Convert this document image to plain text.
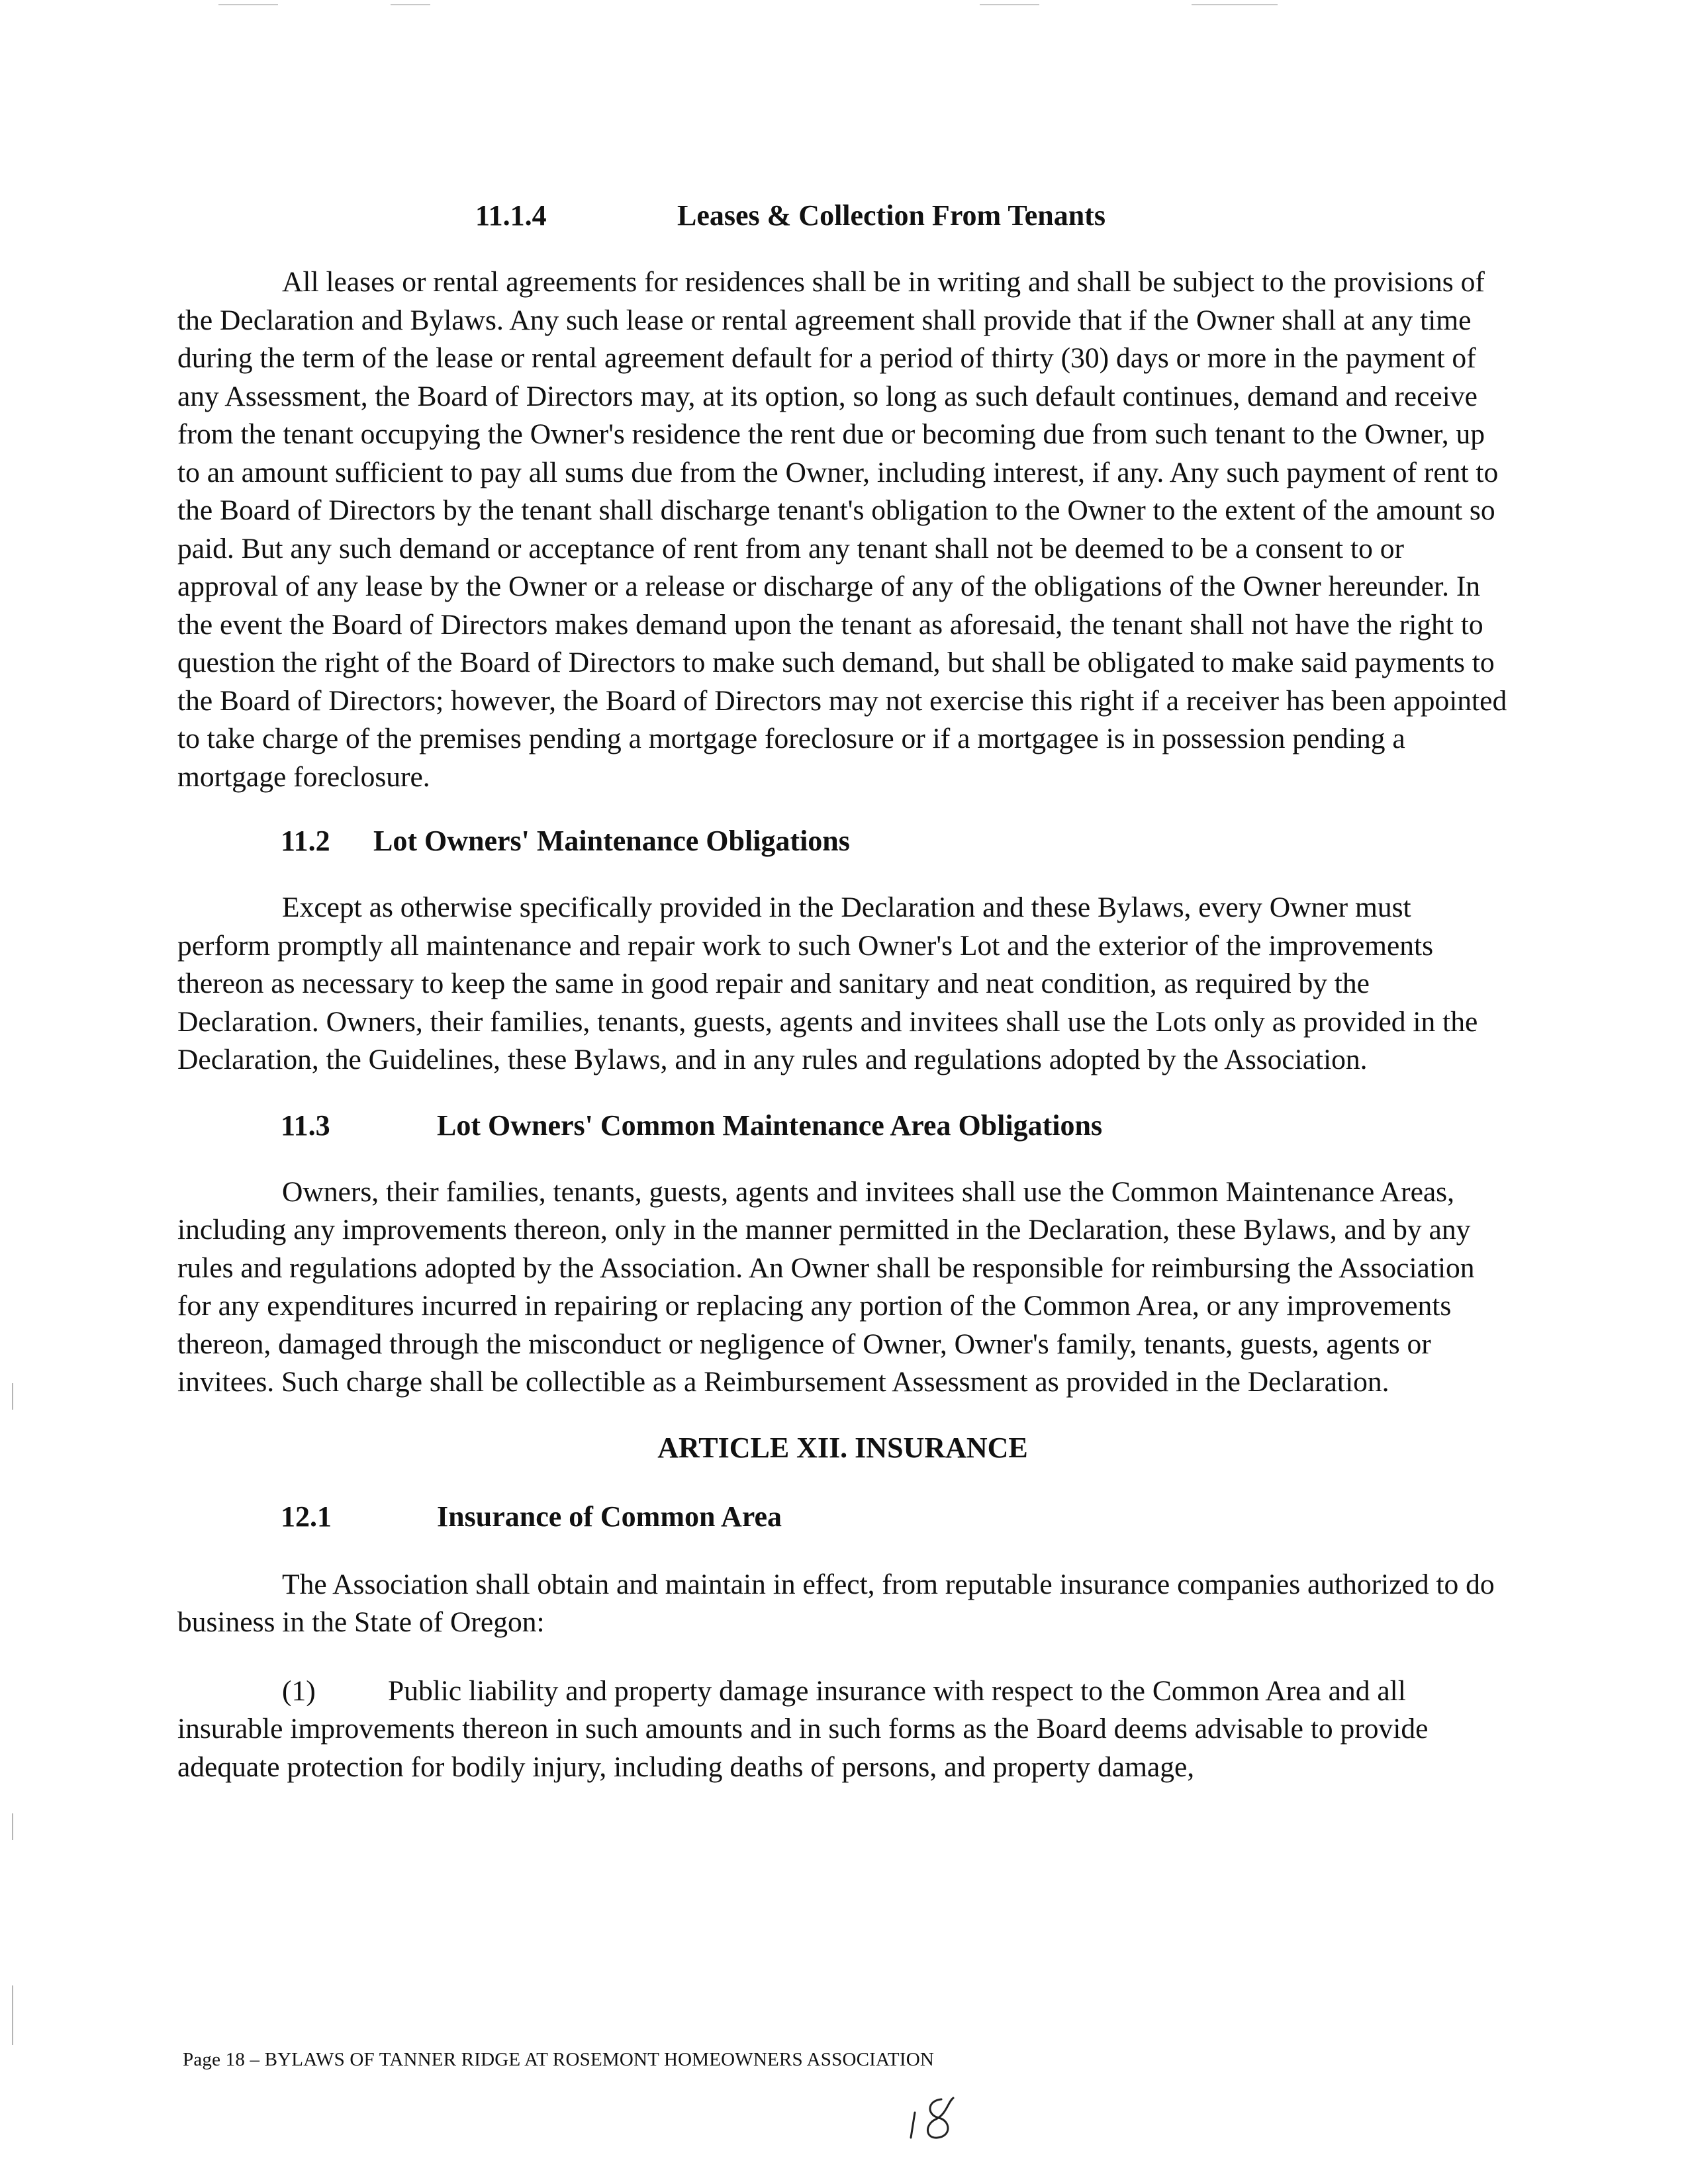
11.1.4	Leases & Collection From Tenants

All leases or rental agreements for residences shall be in writing and shall be subject to the provisions of the Declaration and Bylaws. Any such lease or rental agreement shall provide that if the Owner shall at any time during the term of the lease or rental agreement default for a period of thirty (30) days or more in the payment of any Assessment, the Board of Directors may, at its option, so long as such default continues, demand and receive from the tenant occupying the Owner's residence the rent due or becoming due from such tenant to the Owner, up to an amount sufficient to pay all sums due from the Owner, including interest, if any. Any such payment of rent to the Board of Directors by the tenant shall discharge tenant's obligation to the Owner to the extent of the amount so paid. But any such demand or acceptance of rent from any tenant shall not be deemed to be a consent to or approval of any lease by the Owner or a release or discharge of any of the obligations of the Owner hereunder. In the event the Board of Directors makes demand upon the tenant as aforesaid, the tenant shall not have the right to question the right of the Board of Directors to make such demand, but shall be obligated to make said payments to the Board of Directors; however, the Board of Directors may not exercise this right if a receiver has been appointed to take charge of the premises pending a mortgage foreclosure or if a mortgagee is in possession pending a mortgage foreclosure.

11.2 Lot Owners' Maintenance Obligations

Except as otherwise specifically provided in the Declaration and these Bylaws, every Owner must perform promptly all maintenance and repair work to such Owner's Lot and the exterior of the improvements thereon as necessary to keep the same in good repair and sanitary and neat condition, as required by the Declaration. Owners, their families, tenants, guests, agents and invitees shall use the Lots only as provided in the Declaration, the Guidelines, these Bylaws, and in any rules and regulations adopted by the Association.

11.3	Lot Owners' Common Maintenance Area Obligations

Owners, their families, tenants, guests, agents and invitees shall use the Common Maintenance Areas, including any improvements thereon, only in the manner permitted in the Declaration, these Bylaws, and by any rules and regulations adopted by the Association. An Owner shall be responsible for reimbursing the Association for any expenditures incurred in repairing or replacing any portion of the Common Area, or any improvements thereon, damaged through the misconduct or negligence of Owner, Owner's family, tenants, guests, agents or invitees. Such charge shall be collectible as a Reimbursement Assessment as provided in the Declaration.

ARTICLE XII. INSURANCE
12.1	Insurance of Common Area

The Association shall obtain and maintain in effect, from reputable insurance companies authorized to do business in the State of Oregon:

(1)	Public liability and property damage insurance with respect to the Common Area and all insurable improvements thereon in such amounts and in such forms as the Board deems advisable to provide adequate protection for bodily injury, including deaths of persons, and property damage,

Page 18 – BYLAWS OF TANNER RIDGE AT ROSEMONT HOMEOWNERS ASSOCIATION
